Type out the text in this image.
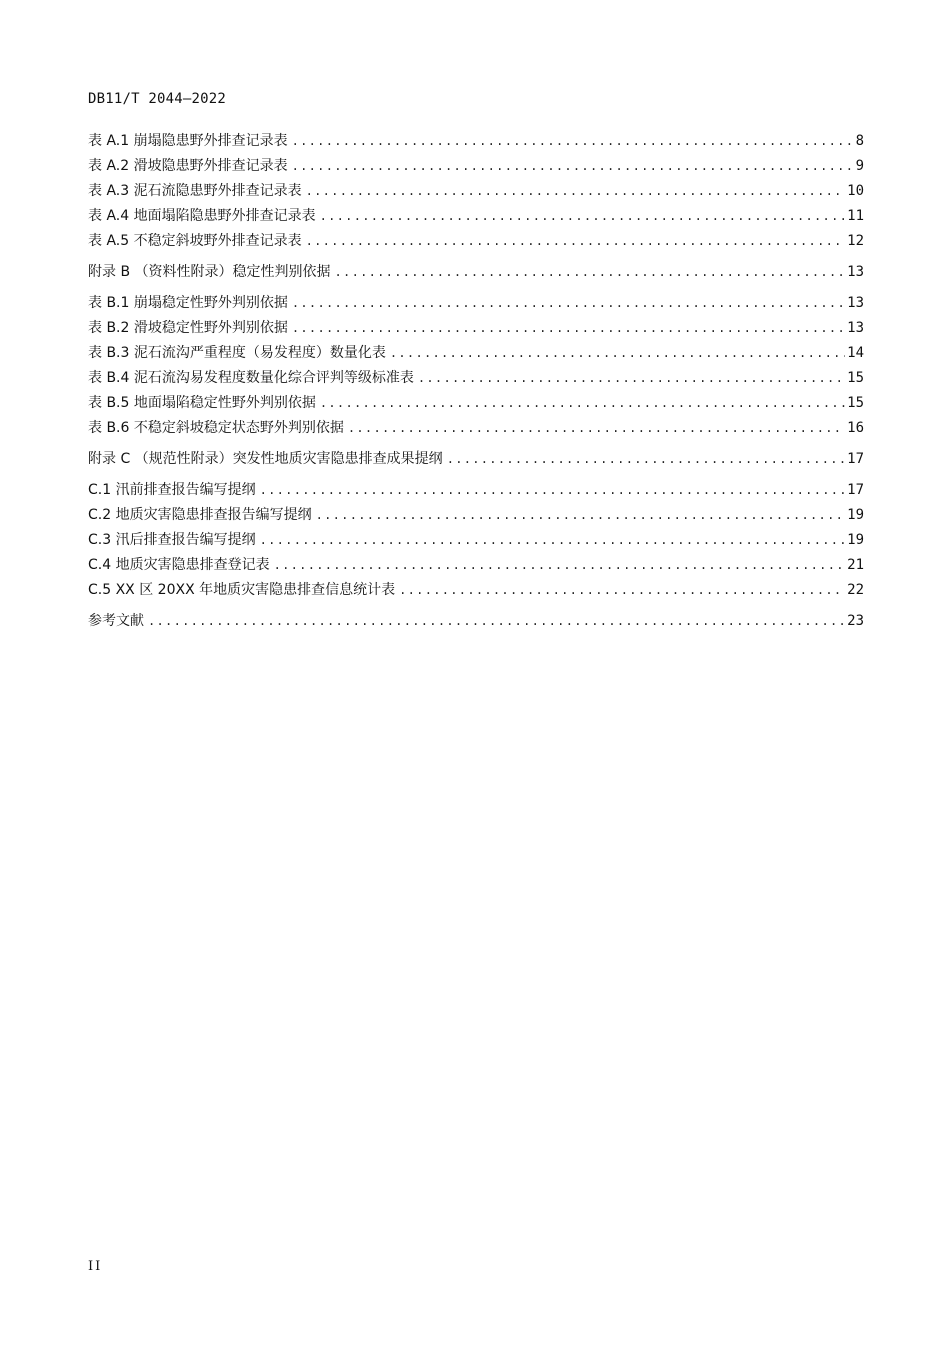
DB11/T 2044—2022
表 A.1 崩塌隐患野外排查记录表 .....	8
表 A.2 滑坡隐患野外排查记录表 .....	9
表 A.3 泥石流隐患野外排查记录表 .....	10
表 A.4 地面塌陷隐患野外排查记录表 .....	11
表 A.5 不稳定斜坡野外排查记录表 .....	12
附录 B （资料性附录）稳定性判别依据 .....	13
表 B.1 崩塌稳定性野外判别依据 .....	13
表 B.2 滑坡稳定性野外判别依据 .....	13
表 B.3 泥石流沟严重程度（易发程度）数量化表 .....	14
表 B.4 泥石流沟易发程度数量化综合评判等级标准表 .....	15
表 B.5 地面塌陷稳定性野外判别依据 .....	15
表 B.6 不稳定斜坡稳定状态野外判别依据 .....	16
附录 C （规范性附录）突发性地质灾害隐患排查成果提纲 .....	17
C.1 汛前排查报告编写提纲 .....	17
C.2 地质灾害隐患排查报告编写提纲 .....	19
C.3 汛后排查报告编写提纲 .....	19
C.4 地质灾害隐患排查登记表 .....	21
C.5 XX 区 20XX 年地质灾害隐患排查信息统计表 .....	22
参考文献 .....	23
II
